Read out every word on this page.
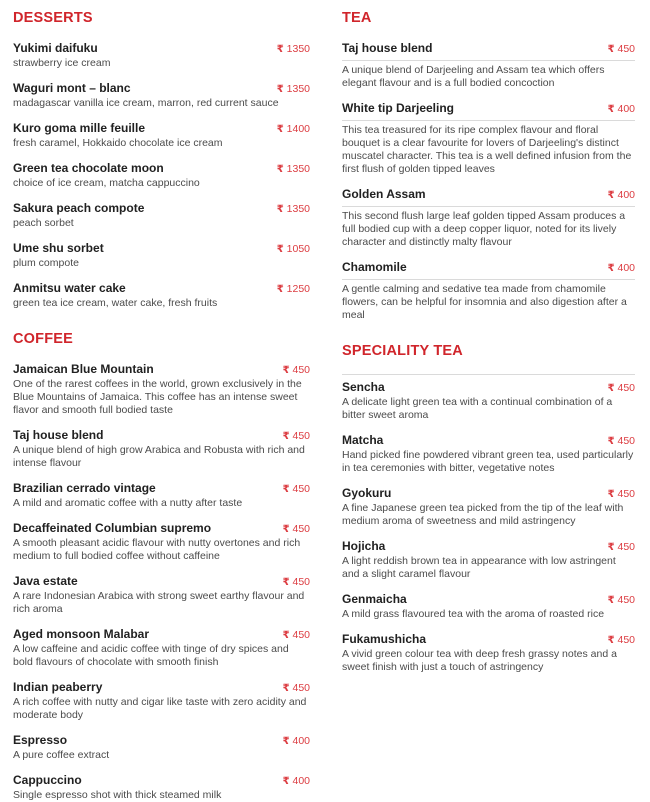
DESSERTS
Yukimi daifuku	₹ 1350
strawberry ice cream
Waguri mont – blanc	₹ 1350
madagascar vanilla ice cream, marron, red current sauce
Kuro goma mille feuille	₹ 1400
fresh caramel, Hokkaido chocolate ice cream
Green tea chocolate moon	₹ 1350
choice of ice cream, matcha cappuccino
Sakura peach compote	₹ 1350
peach sorbet
Ume shu sorbet	₹ 1050
plum compote
Anmitsu water cake	₹ 1250
green tea ice cream, water cake, fresh fruits
COFFEE
Jamaican Blue Mountain	₹ 450
One of the rarest coffees in the world, grown exclusively in the Blue Mountains of Jamaica. This coffee has an intense sweet flavor and smooth full bodied taste
Taj house blend	₹ 450
A unique blend of high grow Arabica and Robusta with rich and intense flavour
Brazilian cerrado vintage	₹ 450
A mild and aromatic coffee with a nutty after taste
Decaffeinated Columbian supremo	₹ 450
A smooth pleasant acidic flavour with nutty overtones and rich medium to full bodied coffee without caffeine
Java estate	₹ 450
A rare Indonesian Arabica with strong sweet earthy flavour and rich aroma
Aged monsoon Malabar	₹ 450
A low caffeine and acidic coffee with tinge of dry spices and bold flavours of chocolate with smooth finish
Indian peaberry	₹ 450
A rich coffee with nutty and cigar like taste with zero acidity and moderate body
Espresso	₹ 400
A pure coffee extract
Cappuccino	₹ 400
Single espresso shot with thick steamed milk
TEA
Taj house blend	₹ 450
A unique blend of Darjeeling and Assam tea which offers elegant flavour and is a full bodied concoction
White tip Darjeeling	₹ 400
This tea treasured for its ripe complex flavour and floral bouquet is a clear favourite for lovers of Darjeeling's distinct muscatel character. This tea is a well defined infusion from the first flush of golden tipped leaves
Golden Assam	₹ 400
This second flush large leaf golden tipped Assam produces a full bodied cup with a deep copper liquor, noted for its lively character and distinctly malty flavour
Chamomile	₹ 400
A gentle calming and sedative tea made from chamomile flowers, can be helpful for insomnia and also digestion after a meal
SPECIALITY TEA
Sencha	₹ 450
A delicate light green tea with a continual combination of a bitter sweet aroma
Matcha	₹ 450
Hand picked fine powdered vibrant green tea, used particularly in tea ceremonies with bitter, vegetative notes
Gyokuru	₹ 450
A fine Japanese green tea picked from the tip of the leaf with medium aroma of sweetness and mild astringency
Hojicha	₹ 450
A light reddish brown tea in appearance with low astringent and a slight caramel flavour
Genmaicha	₹ 450
A mild grass flavoured tea with the aroma of roasted rice
Fukamushicha	₹ 450
A vivid green colour tea with deep fresh grassy notes and a sweet finish with just a touch of astringency
